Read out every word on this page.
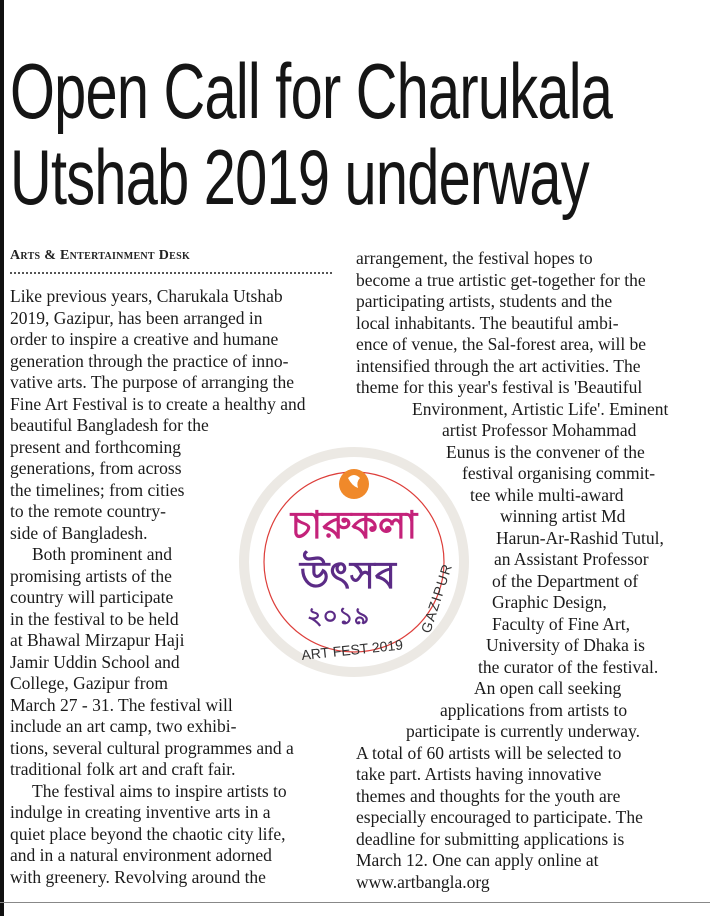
Open Call for Charukala
Utshab 2019 underway

Arts & Entertainment Desk

Like previous years, Charukala Utshab

2019, Gazipur, has been arranged in

order to inspire a creative and humane

generation through the practice of inno-

vative arts. The purpose of arranging the

Fine Art Festival is to create a healthy and

beautiful Bangladesh for the

present and forthcoming

generations, from across

the timelines; from cities

to the remote country-

side of Bangladesh.

Both prominent and

promising artists of the

country will participate

in the festival to be held

at Bhawal Mirzapur Haji

Jamir Uddin School and

College, Gazipur from

March 27 - 31. The festival will

include an art camp, two exhibi-

tions, several cultural programmes and a

traditional folk art and craft fair.

The festival aims to inspire artists to

indulge in creating inventive arts in a

quiet place beyond the chaotic city life,

and in a natural environment adorned

with greenery. Revolving around the

arrangement, the festival hopes to

become a true artistic get-together for the

participating artists, students and the

local inhabitants. The beautiful ambi-

ence of venue, the Sal-forest area, will be

intensified through the art activities. The

theme for this year's festival is 'Beautiful

Environment, Artistic Life'. Eminent

artist Professor Mohammad

Eunus is the convener of the

festival organising commit-

tee while multi-award

winning artist Md

Harun-Ar-Rashid Tutul,

an Assistant Professor

of the Department of

Graphic Design,

Faculty of Fine Art,

University of Dhaka is

the curator of the festival.

An open call seeking

applications from artists to

participate is currently underway.

A total of 60 artists will be selected to

take part. Artists having innovative

themes and thoughts for the youth are

especially encouraged to participate. The

deadline for submitting applications is

March 12. One can apply online at

www.artbangla.org

চারুকলা
উৎসব
২০১৯	GAZIPUR
ART FEST 2019
